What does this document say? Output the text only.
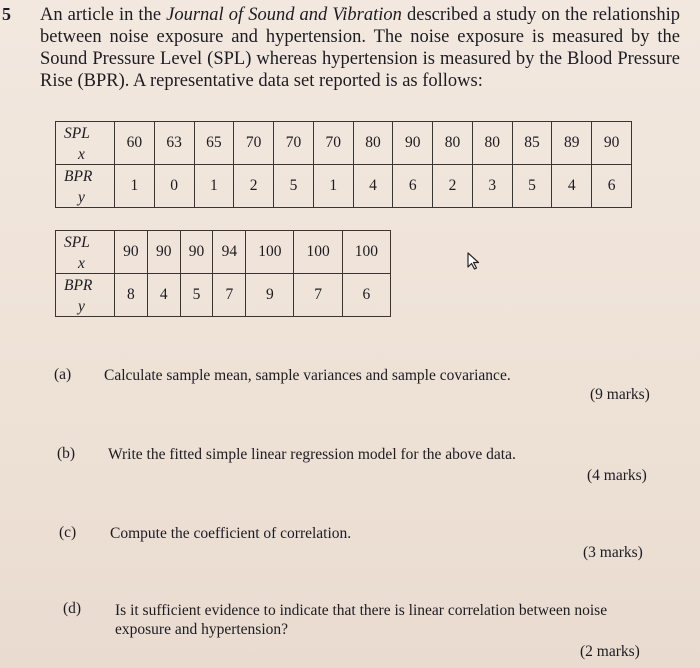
5 An article in the Journal of Sound and Vibration described a study on the relationship
between noise exposure and hypertension. The noise exposure is measured by the
Sound Pressure Level (SPL) whereas hypertension is measured by the Blood Pressure
Rise (BPR). A representative data set reported is as follows:
SPL	60	63	65	70	70	70	80	90	80	80	85	89	90
x													
BPR	1	0	1	2	5	1	4	6	2	3	5	4	6
y													
SPL	90	90	90	94	100	100	100
x							
BPR	8	4	5	7	9	7	6
y							
(a) Calculate sample mean, sample variances and sample covariance.
(9 marks)
(b) Write the fitted simple linear regression model for the above data.
(4 marks)
(c) Compute the coefficient of correlation.
(3 marks)
(d) Is it sufficient evidence to indicate that there is linear correlation between noise
exposure and hypertension?
(2 marks)
